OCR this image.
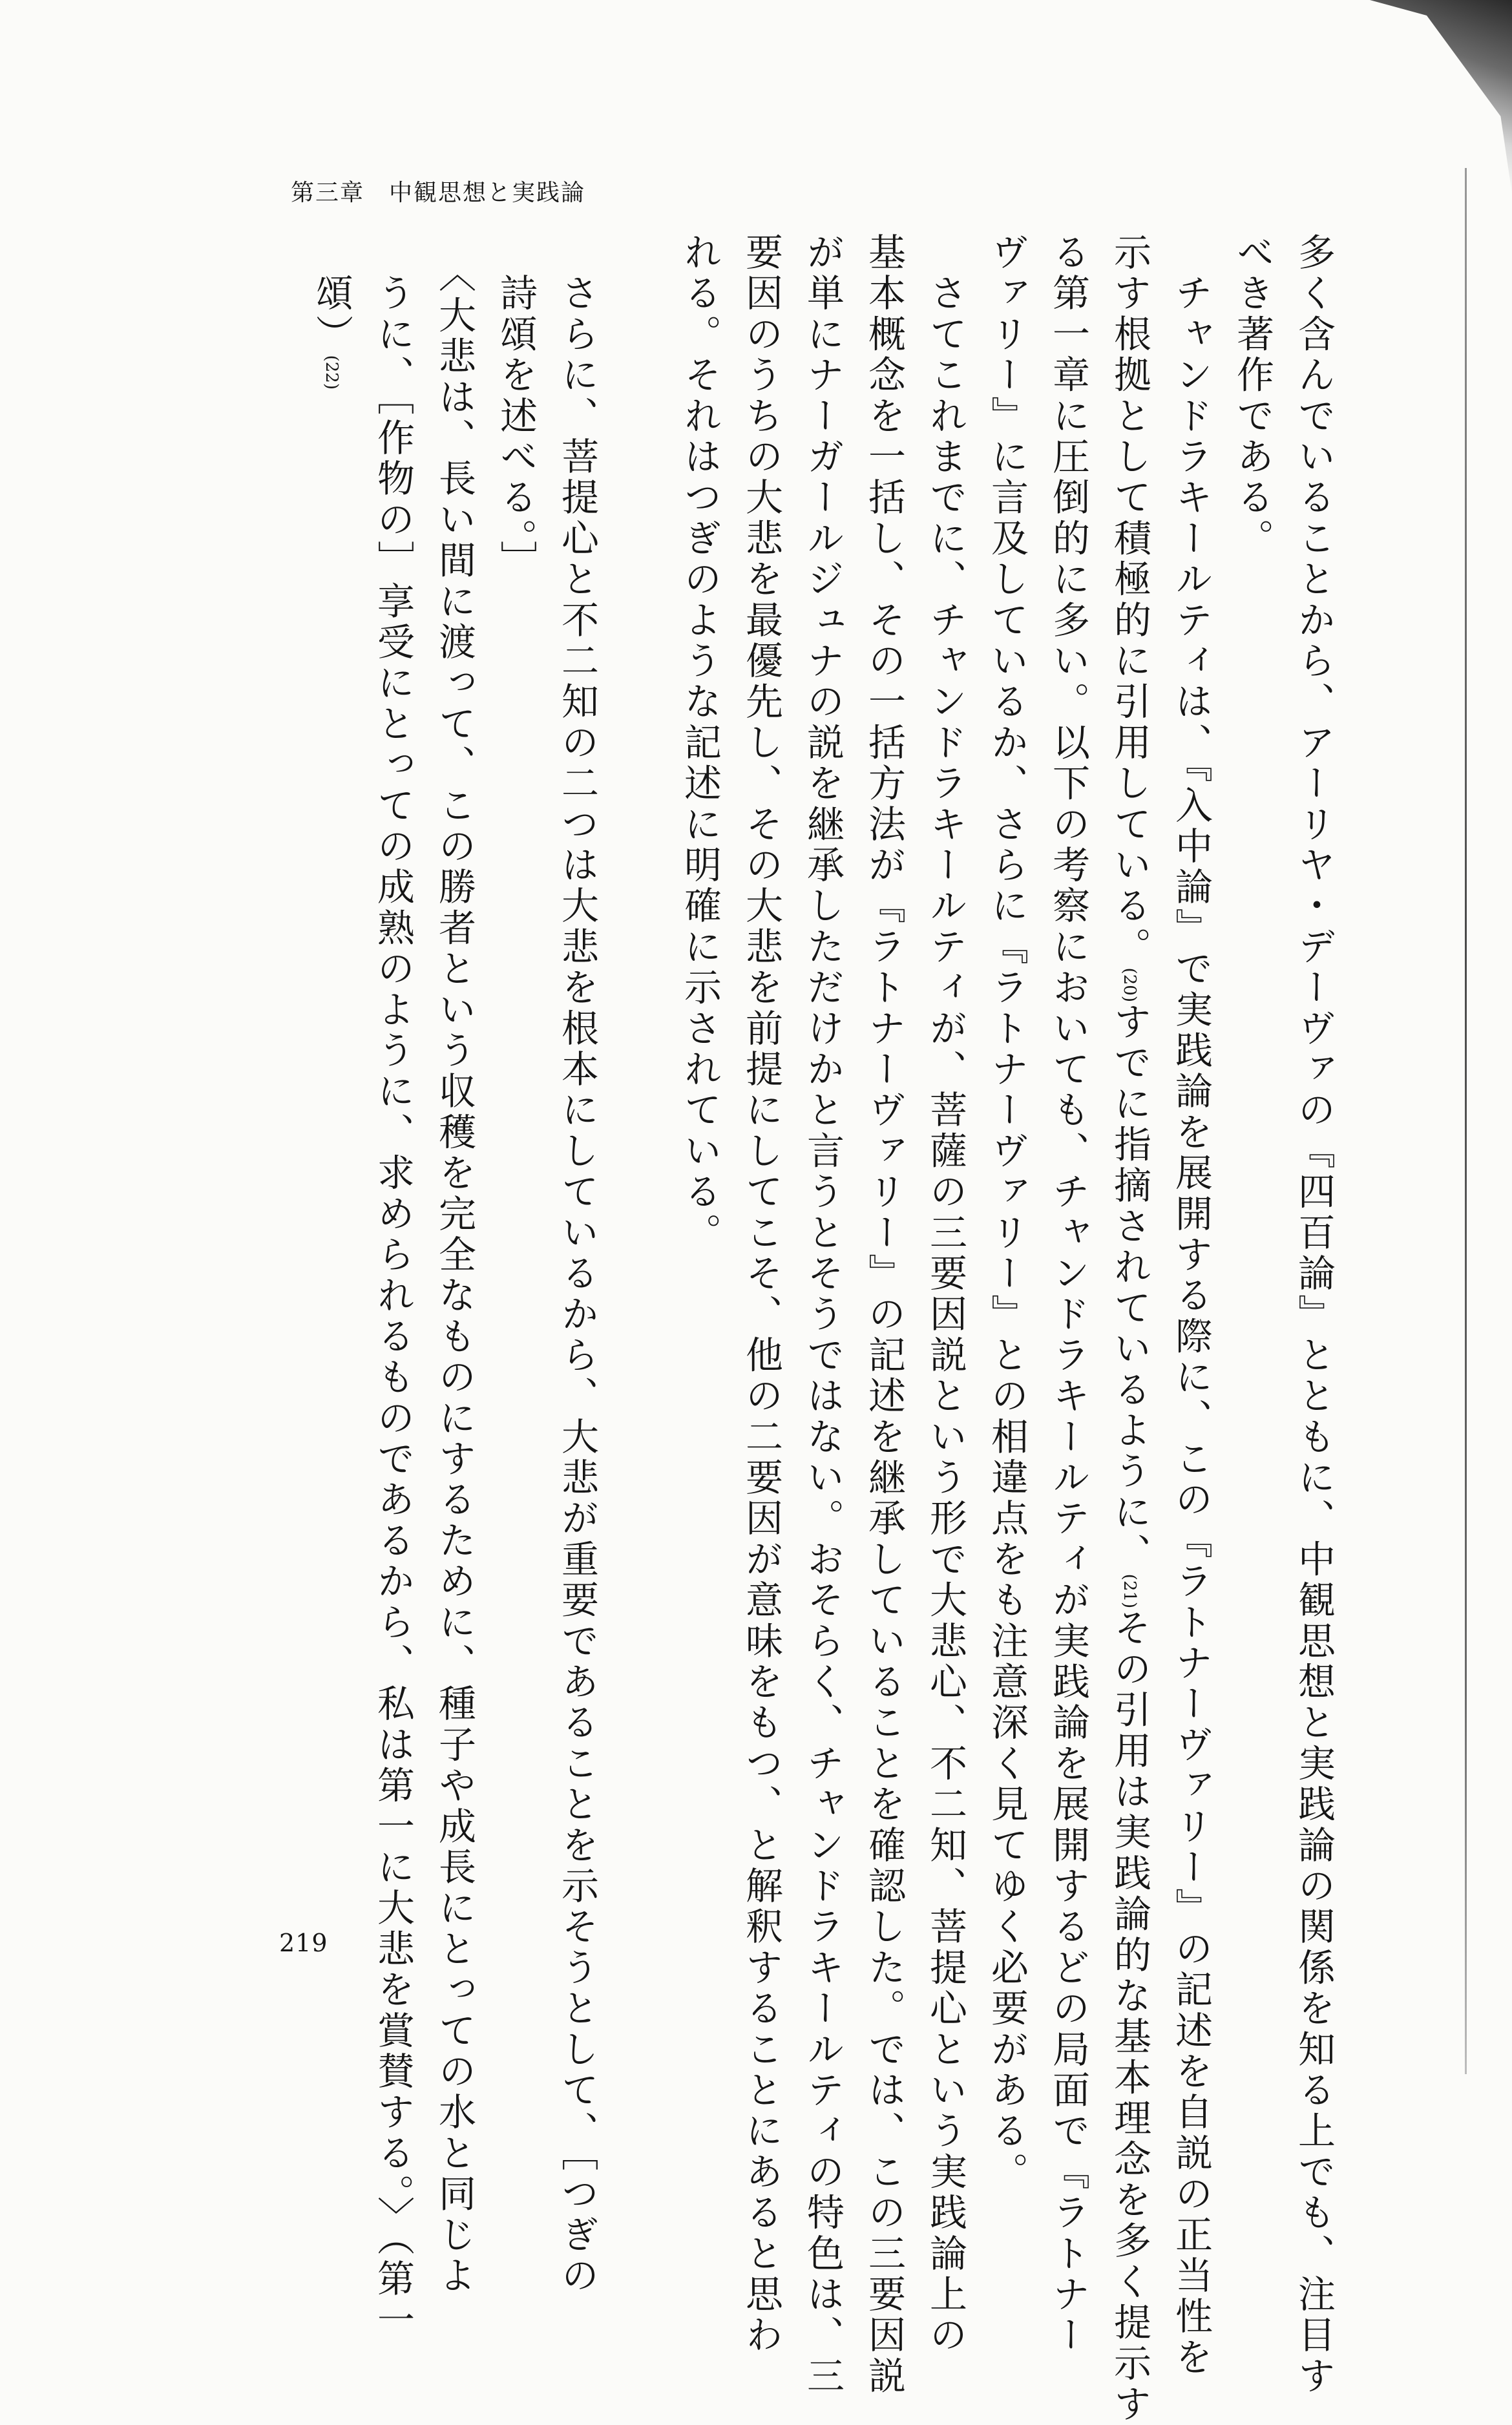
第三章　中観思想と実践論

多く含んでいることから、アーリヤ・デーヴァの『四百論』とともに、中観思想と実践論の関係を知る上でも、注目す

べき著作である。

　チャンドラキールティは、『入中論』で実践論を展開する際に、この『ラトナーヴァリー』の記述を自説の正当性を

示す根拠として積極的に引用している。(20)すでに指摘されているように、(21)その引用は実践論的な基本理念を多く提示す

る第一章に圧倒的に多い。以下の考察においても、チャンドラキールティが実践論を展開するどの局面で『ラトナー

ヴァリー』に言及しているか、さらに『ラトナーヴァリー』との相違点をも注意深く見てゆく必要がある。

　さてこれまでに、チャンドラキールティが、菩薩の三要因説という形で大悲心、不二知、菩提心という実践論上の

基本概念を一括し、その一括方法が『ラトナーヴァリー』の記述を継承していることを確認した。では、この三要因説

が単にナーガールジュナの説を継承しただけかと言うとそうではない。おそらく、チャンドラキールティの特色は、三

要因のうちの大悲を最優先し、その大悲を前提にしてこそ、他の二要因が意味をもつ、と解釈することにあると思わ

れる。それはつぎのような記述に明確に示されている。

　さらに、菩提心と不二知の二つは大悲を根本にしているから、大悲が重要であることを示そうとして、［つぎの

　詩頌を述べる。］

　〈大悲は、長い間に渡って、この勝者という収穫を完全なものにするために、種子や成長にとっての水と同じよ

　うに、［作物の］享受にとっての成熟のように、求められるものであるから、私は第一に大悲を賞賛する。〉（第一

　頌）(22)

219
